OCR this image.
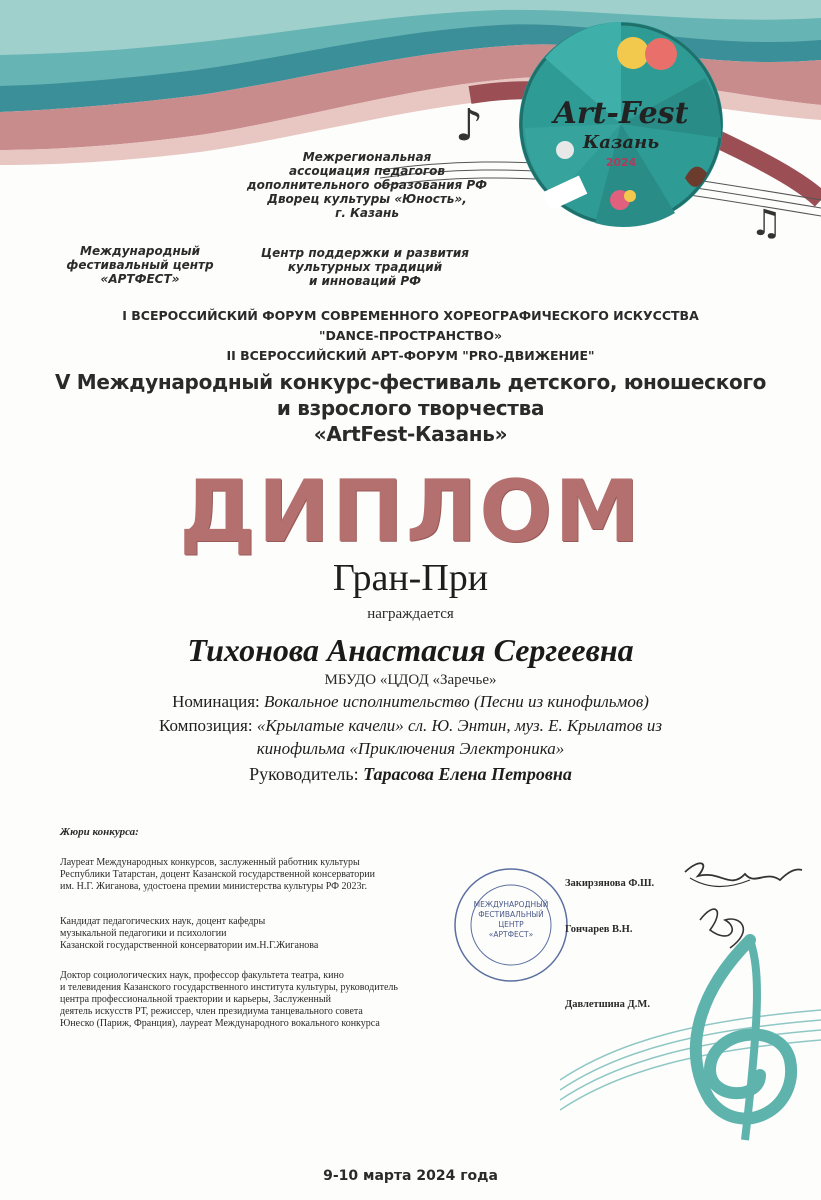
♪
♫
Art-Fest
Казань
2024
Межрегиональная
ассоциация педагогов
дополнительного образования РФ
Дворец культуры «Юность»,
г. Казань
Международный
фестивальный центр
«АРТФЕСТ»
Центр поддержки и развития
культурных традиций
и инноваций РФ
I ВСЕРОССИЙСКИЙ ФОРУМ СОВРЕМЕННОГО ХОРЕОГРАФИЧЕСКОГО ИСКУССТВА
"DANCE-ПРОСТРАНСТВО»
II ВСЕРОССИЙСКИЙ АРТ-ФОРУМ "PRO-ДВИЖЕНИЕ"
V Международный конкурс-фестиваль детского, юношеского
и взрослого творчества
«ArtFest-Казань»
ДИПЛОМ
Гран-При
награждается
Тихонова Анастасия Сергеевна
МБУДО «ЦДОД «Заречье»
Номинация: Вокальное исполнительство (Песни из кинофильмов)
Композиция: «Крылатые качели» сл. Ю. Энтин, муз. Е. Крылатов из
кинофильма «Приключения Электроника»
Руководитель: Тарасова Елена Петровна
Жюри конкурса:
Лауреат Международных конкурсов, заслуженный работник культуры
Республики Татарстан, доцент Казанской государственной консерватории
им. Н.Г. Жиганова, удостоена премии министерства культуры РФ 2023г.
Кандидат педагогических наук, доцент кафедры
музыкальной педагогики и психологии
Казанской государственной консерватории им.Н.Г.Жиганова
Доктор социологических наук, профессор факультета театра, кино
и телевидения Казанского государственного института культуры, руководитель
центра профессиональной траектории и карьеры, Заслуженный
деятель искусств РТ, режиссер, член президиума танцевального совета
Юнеско (Париж, Франция), лауреат Международного вокального конкурса
МЕЖДУНАРОДНЫЙ
ФЕСТИВАЛЬНЫЙ
ЦЕНТР
«АРТФЕСТ»
Закирзянова Ф.Ш.
Гончарев В.Н.
Давлетшина Д.М.
9-10 марта 2024 года
